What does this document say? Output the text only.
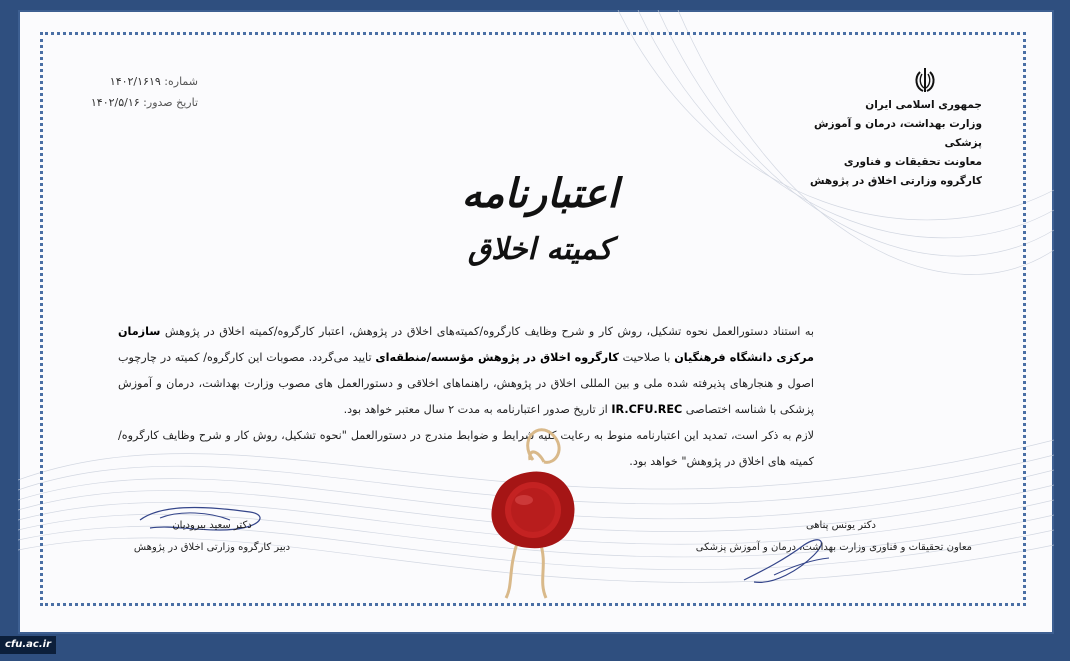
جمهوری اسلامی ایران
وزارت بهداشت، درمان و آموزش پزشکی
معاونت تحقیقات و فناوری
کارگروه وزارتی اخلاق در پژوهش
شماره: ۱۴۰۲/۱۶۱۹
تاریخ صدور: ۱۴۰۲/۵/۱۶
اعتبارنامه
کمیته اخلاق

به استناد دستورالعمل نحوه تشکیل، روش کار و شرح وظایف کارگروه/کمیته‌های اخلاق در پژوهش، اعتبار کارگروه/کمیته اخلاق در پژوهش سازمان مرکزی دانشگاه فرهنگیان با صلاحیت کارگروه اخلاق در پژوهش مؤسسه/منطقه‌ای تایید می‌گردد. مصوبات این کارگروه/ کمیته در چارچوب اصول و هنجارهای پذیرفته شده ملی و بین المللی اخلاق در پژوهش، راهنماهای اخلاقی و دستورالعمل های مصوب وزارت بهداشت، درمان و آموزش پزشکی با شناسه اختصاصی IR.CFU.REC از تاریخ صدور اعتبارنامه به مدت ۲ سال معتبر خواهد بود.

لازم به ذکر است، تمدید این اعتبارنامه منوط به رعایت کلیه شرایط و ضوابط مندرج در دستورالعمل "نحوه تشکیل، روش کار و شرح وظایف کارگروه/کمیته های اخلاق در پژوهش" خواهد بود.

دکتر یونس پناهی
معاون تحقیقات و فناوری وزارت بهداشت، درمان و آموزش پزشکی
دکتر سعید بیرودیان
دبیر کارگروه وزارتی اخلاق در پژوهش
cfu.ac.ir
